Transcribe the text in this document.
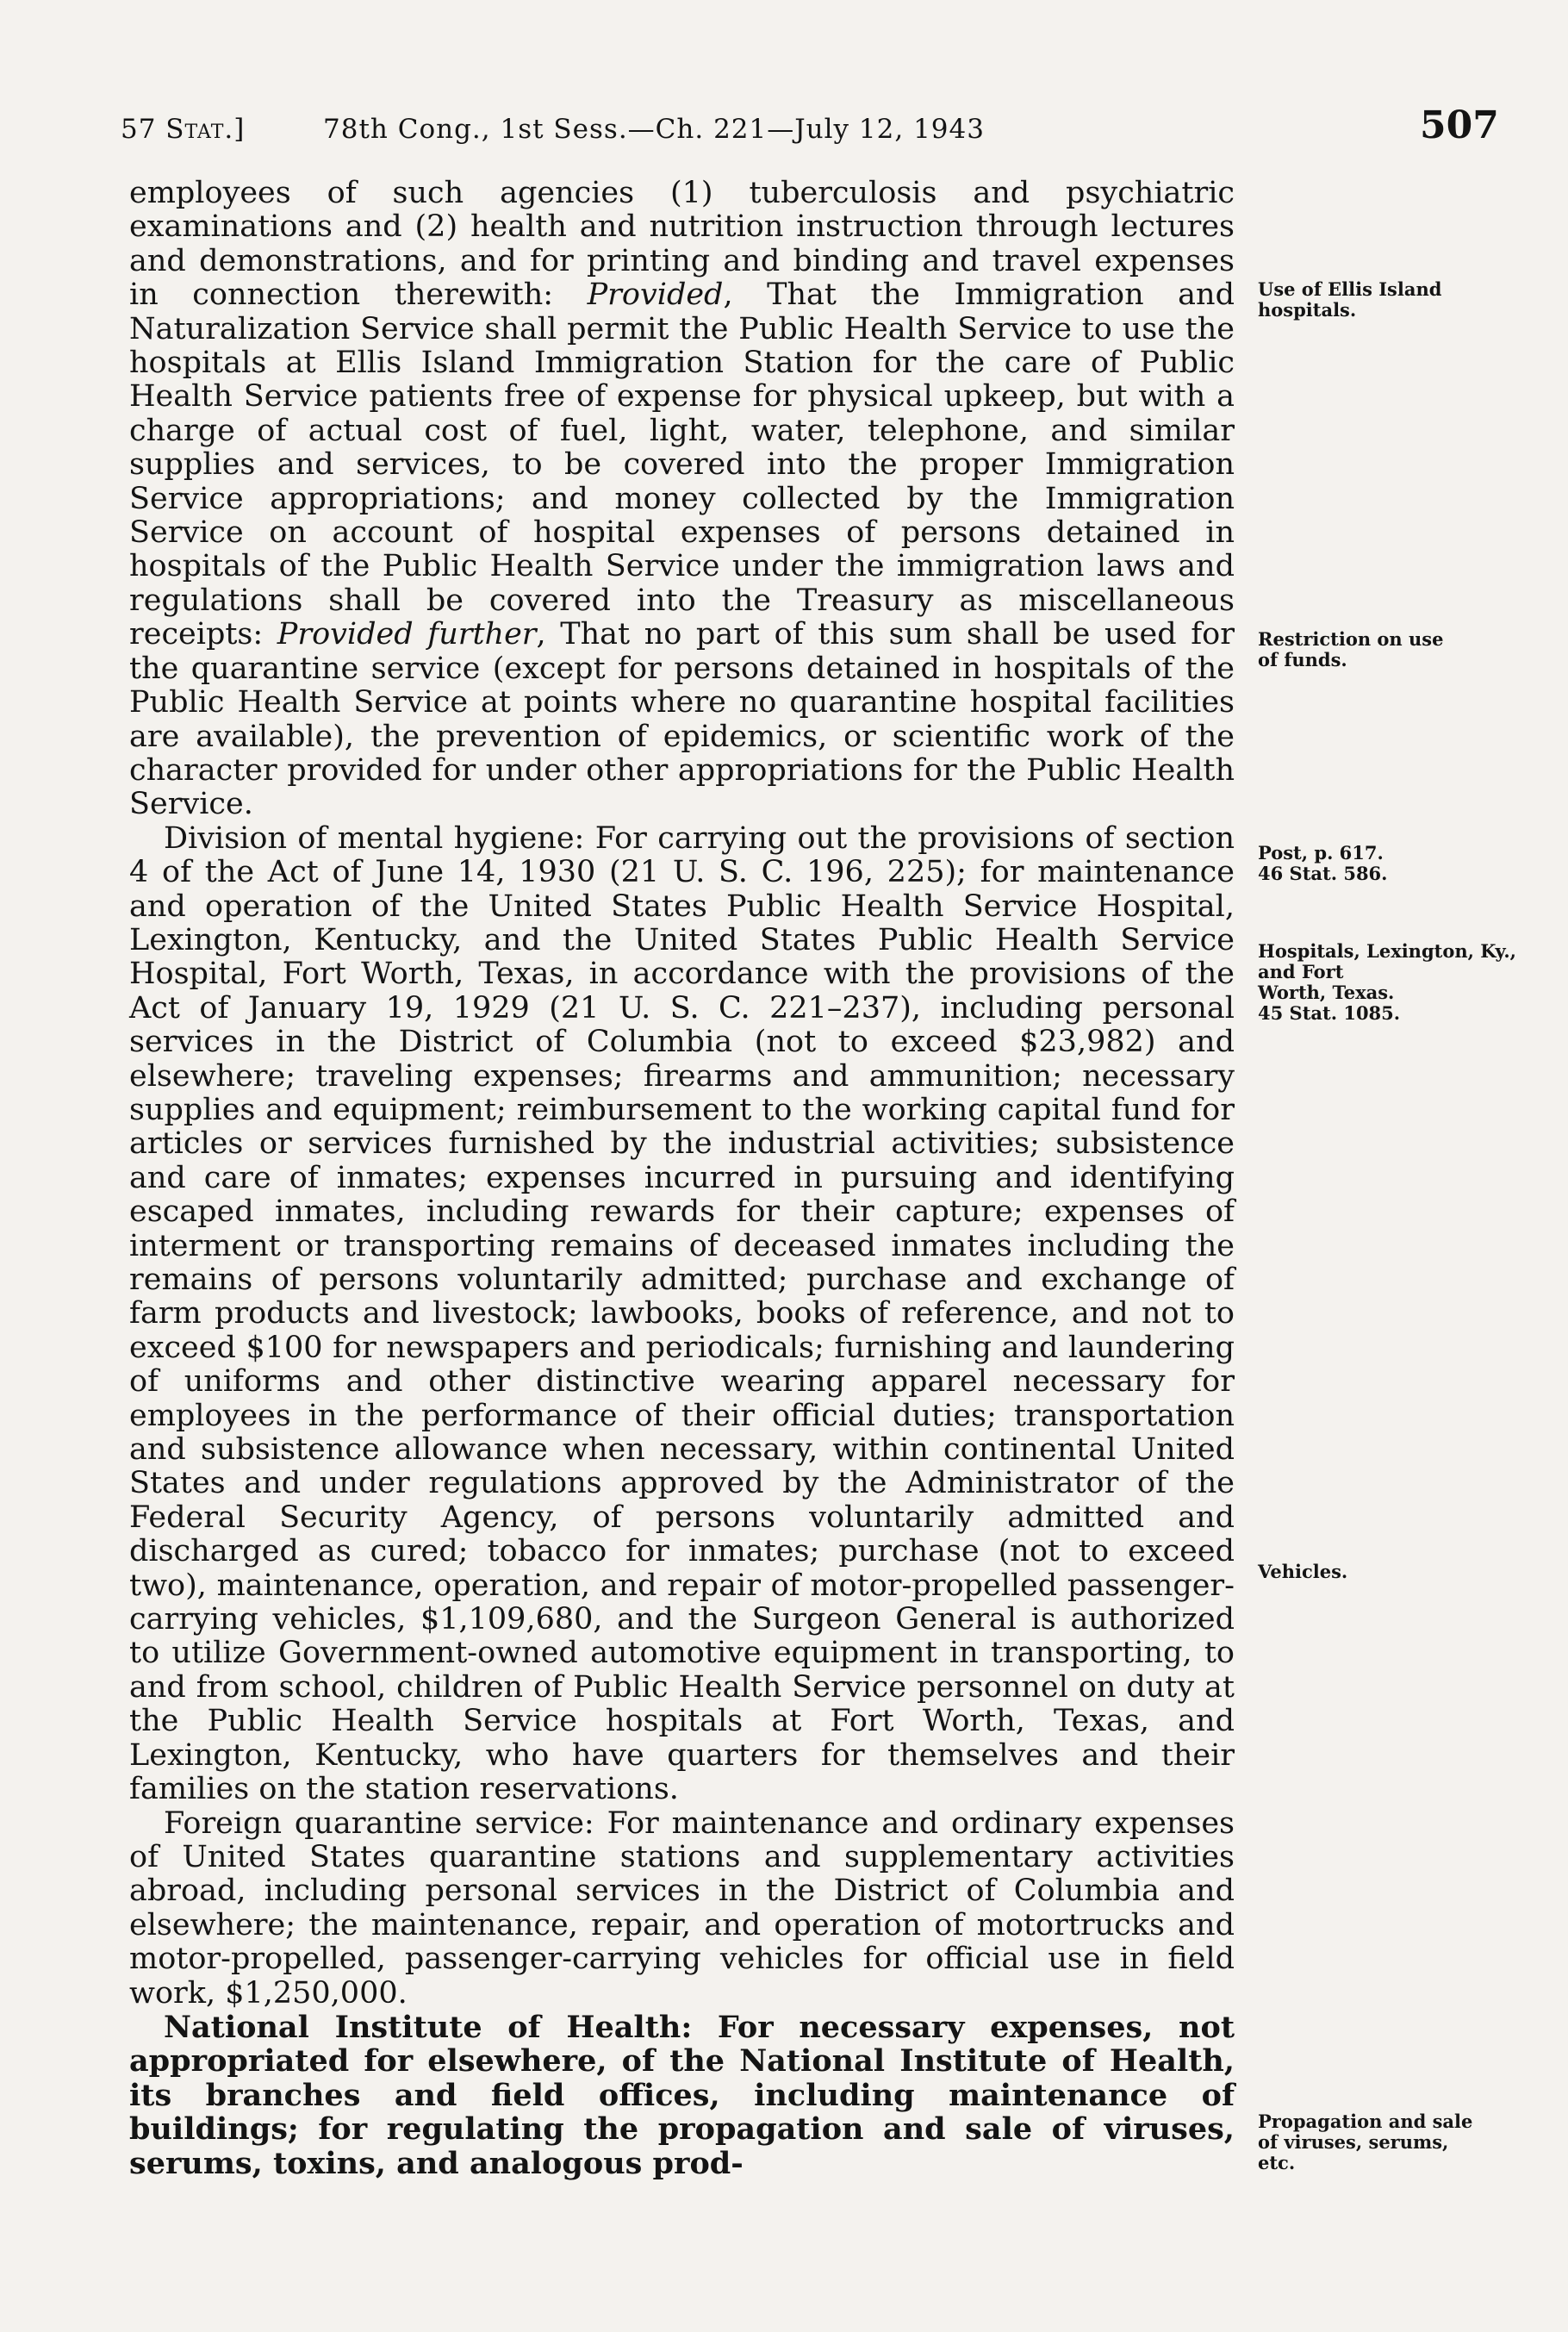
57 Stat.]	78th Cong., 1st Sess.—Ch. 221—July 12, 1943	507

employees of such agencies (1) tuberculosis and psychiatric examinations and (2) health and nutrition instruction through lectures and demonstrations, and for printing and binding and travel expenses in connection therewith: Provided, That the Immigration and Naturalization Service shall permit the Public Health Service to use the hospitals at Ellis Island Immigration Station for the care of Public Health Service patients free of expense for physical upkeep, but with a charge of actual cost of fuel, light, water, telephone, and similar supplies and services, to be covered into the proper Immigration Service appropriations; and money collected by the Immigration Service on account of hospital expenses of persons detained in hospitals of the Public Health Service under the immigration laws and regulations shall be covered into the Treasury as miscellaneous receipts: Provided further, That no part of this sum shall be used for the quarantine service (except for persons detained in hospitals of the Public Health Service at points where no quarantine hospital facilities are available), the prevention of epidemics, or scientific work of the character provided for under other appropriations for the Public Health Service.

Division of mental hygiene: For carrying out the provisions of section 4 of the Act of June 14, 1930 (21 U. S. C. 196, 225); for maintenance and operation of the United States Public Health Service Hospital, Lexington, Kentucky, and the United States Public Health Service Hospital, Fort Worth, Texas, in accordance with the provisions of the Act of January 19, 1929 (21 U. S. C. 221–237), including personal services in the District of Columbia (not to exceed $23,982) and elsewhere; traveling expenses; firearms and ammunition; necessary supplies and equipment; reimbursement to the working capital fund for articles or services furnished by the industrial activities; subsistence and care of inmates; expenses incurred in pursuing and identifying escaped inmates, including rewards for their capture; expenses of interment or transporting remains of deceased inmates including the remains of persons voluntarily admitted; purchase and exchange of farm products and livestock; lawbooks, books of reference, and not to exceed $100 for newspapers and periodicals; furnishing and laundering of uniforms and other distinctive wearing apparel necessary for employees in the performance of their official duties; transportation and subsistence allowance when necessary, within continental United States and under regulations approved by the Administrator of the Federal Security Agency, of persons voluntarily admitted and discharged as cured; tobacco for inmates; purchase (not to exceed two), maintenance, operation, and repair of motor-propelled passenger-carrying vehicles, $1,109,680, and the Surgeon General is authorized to utilize Government-owned automotive equipment in transporting, to and from school, children of Public Health Service personnel on duty at the Public Health Service hospitals at Fort Worth, Texas, and Lexington, Kentucky, who have quarters for themselves and their families on the station reservations.

Foreign quarantine service: For maintenance and ordinary expenses of United States quarantine stations and supplementary activities abroad, including personal services in the District of Columbia and elsewhere; the maintenance, repair, and operation of motortrucks and motor-propelled, passenger-carrying vehicles for official use in field work, $1,250,000.

National Institute of Health: For necessary expenses, not appropriated for elsewhere, of the National Institute of Health, its branches and field offices, including maintenance of buildings; for regulating the propagation and sale of viruses, serums, toxins, and analogous prod-

Use of Ellis Island
hospitals.
Restriction on use
of funds.
Post, p. 617.
46 Stat. 586.
Hospitals, Lexington, Ky., and Fort
Worth, Texas.
45 Stat. 1085.
Vehicles.
Propagation and sale
of viruses, serums,
etc.
